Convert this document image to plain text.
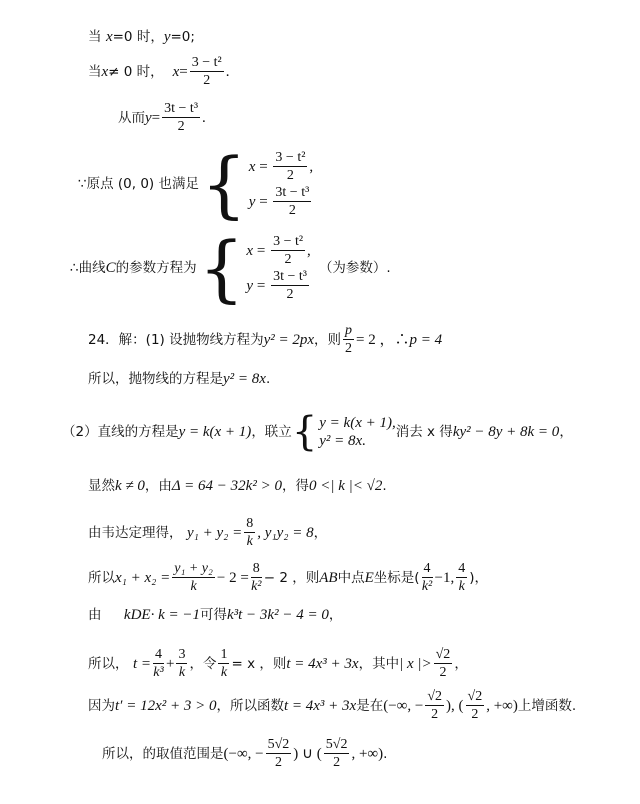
当
x =0 时， y =0;
当 x ≠ 0 时，
$x = \frac{\text{3 − t²}}{2}$ .
从而 $y = \frac{\text{3t − t³}}{2}$ .
∵原点 (0, 0) 也满足 { $x = \frac{\text{3 − t²}}{2}$ ,
$y = \frac{\text{3t − t³}}{2}$
∴曲线 C 的参数方程为 { $x = \frac{\text{3 − t²}}{2}$ ,
$y = \frac{\text{3t − t³}}{2}$ （为参数）.
24．解：(1) 设抛物线方程为 y² = 2px ，则 $\frac{p}{2} = 2$ ，∴ p = 4
所以，抛物线的方程是 y² = 8x .
（2）直线的方程是 y = k(x + 1) ，联立 { y = k(x + 1),
y² = 8x.
消去 x 得 ky² − 8y + 8k = 0 ，
显然 k ≠ 0 ，由 Δ = 64 − 32k² > 0 ，得 0 <| k |< √2 .
由韦达定理得，
$y_1 + y_2 = \frac{8}{k}$ , y₁y₂ = 8 ，
所以 $x_1 + x_2 = \frac{\text{y₁ + y₂}}{k} - 2 = \frac{8}{\text{k²}} - 2$ ，则 AB 中点 E 坐标是( $\frac{4}{\text{k²}} -1$, $\frac{4}{k}$ )，
由　
k DE · k = −1 可得 k³t − 3k² − 4 = 0 ，
所以，
$t = \frac{4}{\text{k³}} + \frac{3}{k}$ ，令 $\frac{1}{k} = x$ ，则 t = 4x³ + 3x ，其中 | x |> $\frac{√2}{2}$ ，
因为 t′ = 12x² + 3 > 0 ，所以函数 t = 4x³ + 3x 是在 (−∞, − $\frac{√2}{2}$ ), ( $\frac{√2}{2}$ , +∞) 上增函数.
所以，的取值范围是 (−∞, − $\frac{5√2}{2}$ ) ∪ ( $\frac{5√2}{2}$ , +∞) .
